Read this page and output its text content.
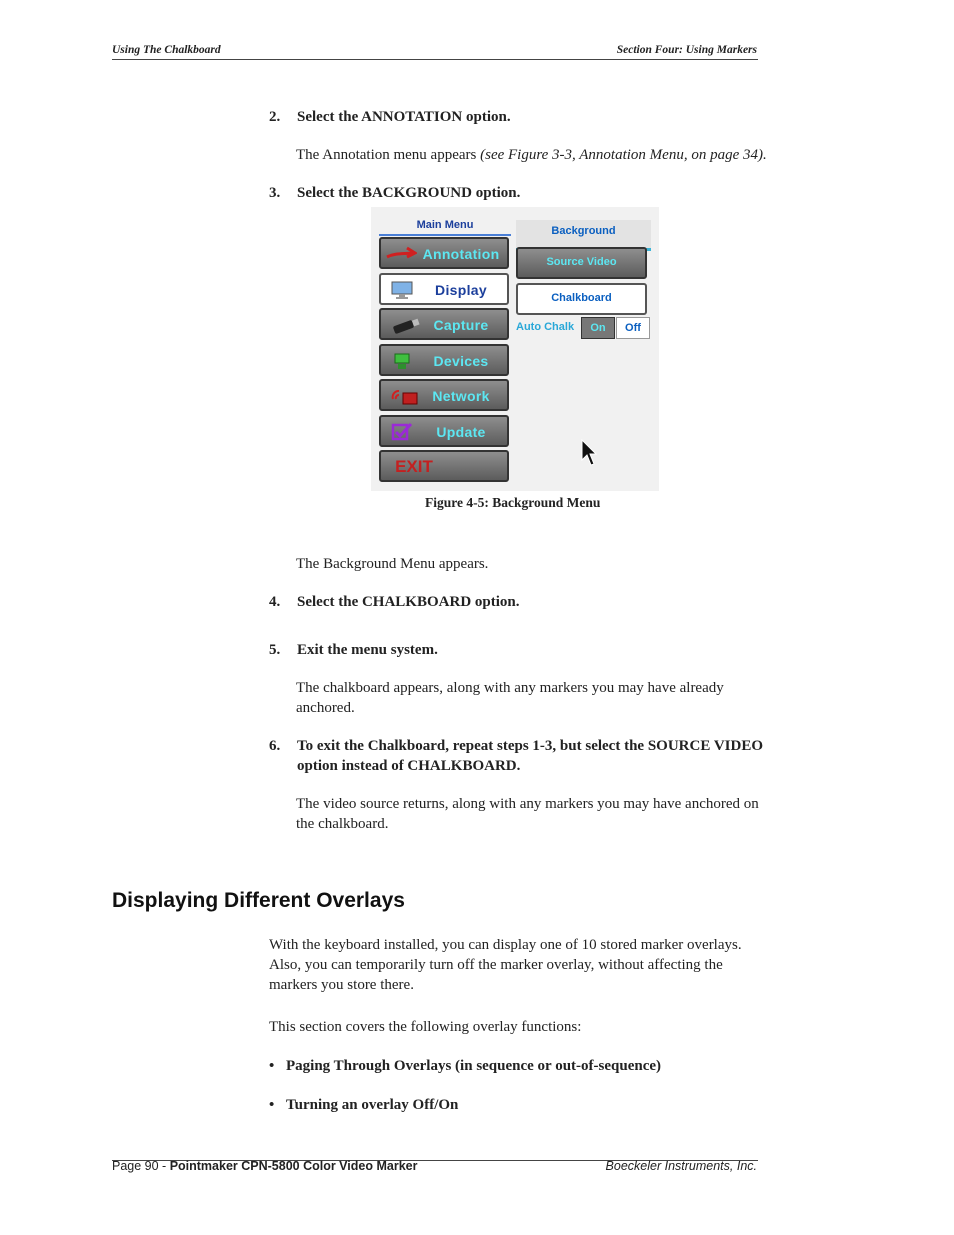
Using The Chalkboard	Section Four: Using Markers
2. Select the ANNOTATION option.
The Annotation menu appears (see Figure 3-3, Annotation Menu, on page 34).
3. Select the BACKGROUND option.
Main Menu
Annotation
Display
Capture
Devices
Network
Update
EXIT
Background
Source Video
Chalkboard
Auto Chalk	On	Off
Figure 4-5: Background Menu
The Background Menu appears.
4. Select the CHALKBOARD option.
5. Exit the menu system.
The chalkboard appears, along with any markers you may have already
anchored.
6. To exit the Chalkboard, repeat steps 1-3, but select the SOURCE VIDEO
option instead of CHALKBOARD.
The video source returns, along with any markers you may have anchored on
the chalkboard.
Displaying Different Overlays
With the keyboard installed, you can display one of 10 stored marker overlays.
Also, you can temporarily turn off the marker overlay, without affecting the
markers you store there.
This section covers the following overlay functions:
• Paging Through Overlays (in sequence or out-of-sequence)
• Turning an overlay Off/On
Page 90 - Pointmaker CPN-5800 Color Video Marker	Boeckeler Instruments, Inc.
